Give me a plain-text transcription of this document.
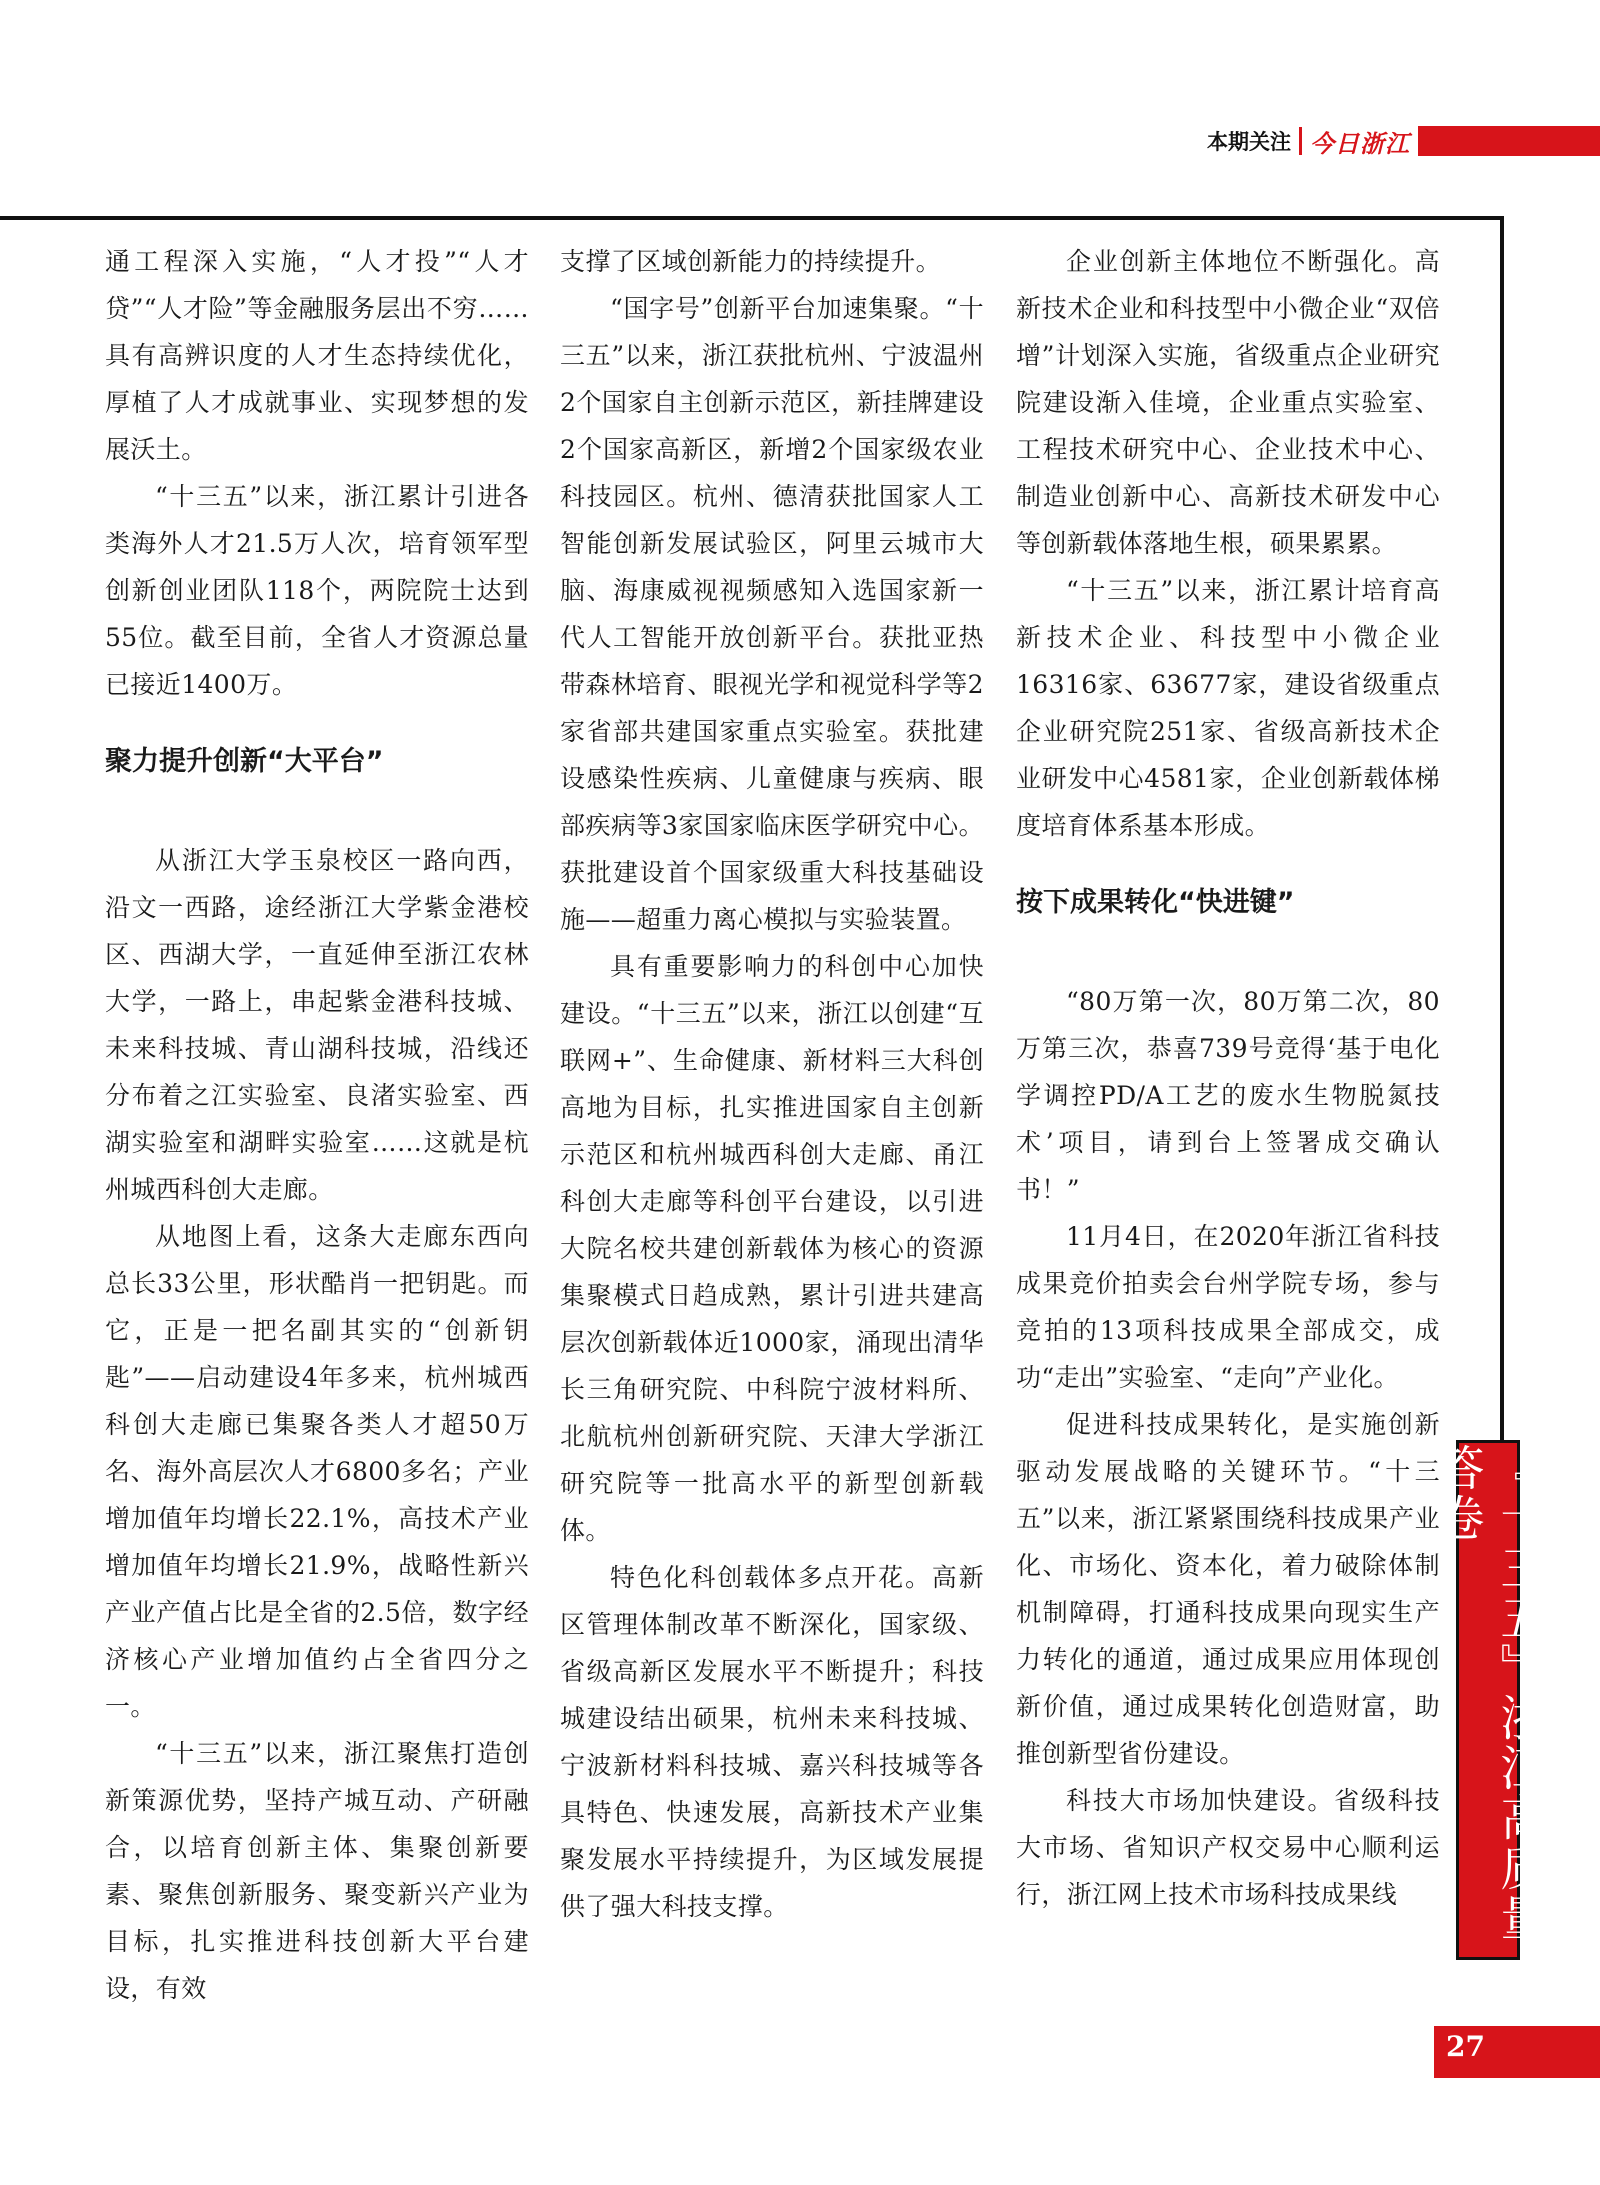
本期关注 今日浙江

通工程深入实施，“人才投”“人才贷”“人才险”等金融服务层出不穷……具有高辨识度的人才生态持续优化，厚植了人才成就事业、实现梦想的发展沃土。

“十三五”以来，浙江累计引进各类海外人才21.5万人次，培育领军型创新创业团队118个，两院院士达到55位。截至目前，全省人才资源总量已接近1400万。

聚力提升创新“大平台”

从浙江大学玉泉校区一路向西，沿文一西路，途经浙江大学紫金港校区、西湖大学，一直延伸至浙江农林大学，一路上，串起紫金港科技城、未来科技城、青山湖科技城，沿线还分布着之江实验室、良渚实验室、西湖实验室和湖畔实验室……这就是杭州城西科创大走廊。

从地图上看，这条大走廊东西向总长33公里，形状酷肖一把钥匙。而它，正是一把名副其实的“创新钥匙”——启动建设4年多来，杭州城西科创大走廊已集聚各类人才超50万名、海外高层次人才6800多名；产业增加值年均增长22.1%，高技术产业增加值年均增长21.9%，战略性新兴产业产值占比是全省的2.5倍，数字经济核心产业增加值约占全省四分之一。

“十三五”以来，浙江聚焦打造创新策源优势，坚持产城互动、产研融合，以培育创新主体、集聚创新要素、聚焦创新服务、聚变新兴产业为目标，扎实推进科技创新大平台建设，有效

支撑了区域创新能力的持续提升。

“国字号”创新平台加速集聚。“十三五”以来，浙江获批杭州、宁波温州2个国家自主创新示范区，新挂牌建设2个国家高新区，新增2个国家级农业科技园区。杭州、德清获批国家人工智能创新发展试验区，阿里云城市大脑、海康威视视频感知入选国家新一代人工智能开放创新平台。获批亚热带森林培育、眼视光学和视觉科学等2家省部共建国家重点实验室。获批建设感染性疾病、儿童健康与疾病、眼部疾病等3家国家临床医学研究中心。获批建设首个国家级重大科技基础设施——超重力离心模拟与实验装置。

具有重要影响力的科创中心加快建设。“十三五”以来，浙江以创建“互联网+”、生命健康、新材料三大科创高地为目标，扎实推进国家自主创新示范区和杭州城西科创大走廊、甬江科创大走廊等科创平台建设，以引进大院名校共建创新载体为核心的资源集聚模式日趋成熟，累计引进共建高层次创新载体近1000家，涌现出清华长三角研究院、中科院宁波材料所、北航杭州创新研究院、天津大学浙江研究院等一批高水平的新型创新载体。

特色化科创载体多点开花。高新区管理体制改革不断深化，国家级、省级高新区发展水平不断提升；科技城建设结出硕果，杭州未来科技城、宁波新材料科技城、嘉兴科技城等各具特色、快速发展，高新技术产业集聚发展水平持续提升，为区域发展提供了强大科技支撑。

企业创新主体地位不断强化。高新技术企业和科技型中小微企业“双倍增”计划深入实施，省级重点企业研究院建设渐入佳境，企业重点实验室、工程技术研究中心、企业技术中心、制造业创新中心、高新技术研发中心等创新载体落地生根，硕果累累。

“十三五”以来，浙江累计培育高新技术企业、科技型中小微企业16316家、63677家，建设省级重点企业研究院251家、省级高新技术企业研发中心4581家，企业创新载体梯度培育体系基本形成。

按下成果转化“快进键”

“80万第一次，80万第二次，80万第三次，恭喜739号竞得‘基于电化学调控PD/A工艺的废水生物脱氮技术’项目，请到台上签署成交确认书！”

11月4日，在2020年浙江省科技成果竞价拍卖会台州学院专场，参与竞拍的13项科技成果全部成交，成功“走出”实验室、“走向”产业化。

促进科技成果转化，是实施创新驱动发展战略的关键环节。“十三五”以来，浙江紧紧围绕科技成果产业化、市场化、资本化，着力破除体制机制障碍，打通科技成果向现实生产力转化的通道，通过成果应用体现创新价值，通过成果转化创造财富，助推创新型省份建设。

科技大市场加快建设。省级科技大市场、省知识产权交易中心顺利运行，浙江网上技术市场科技成果线	『十三五』浙江高质量答卷
27
